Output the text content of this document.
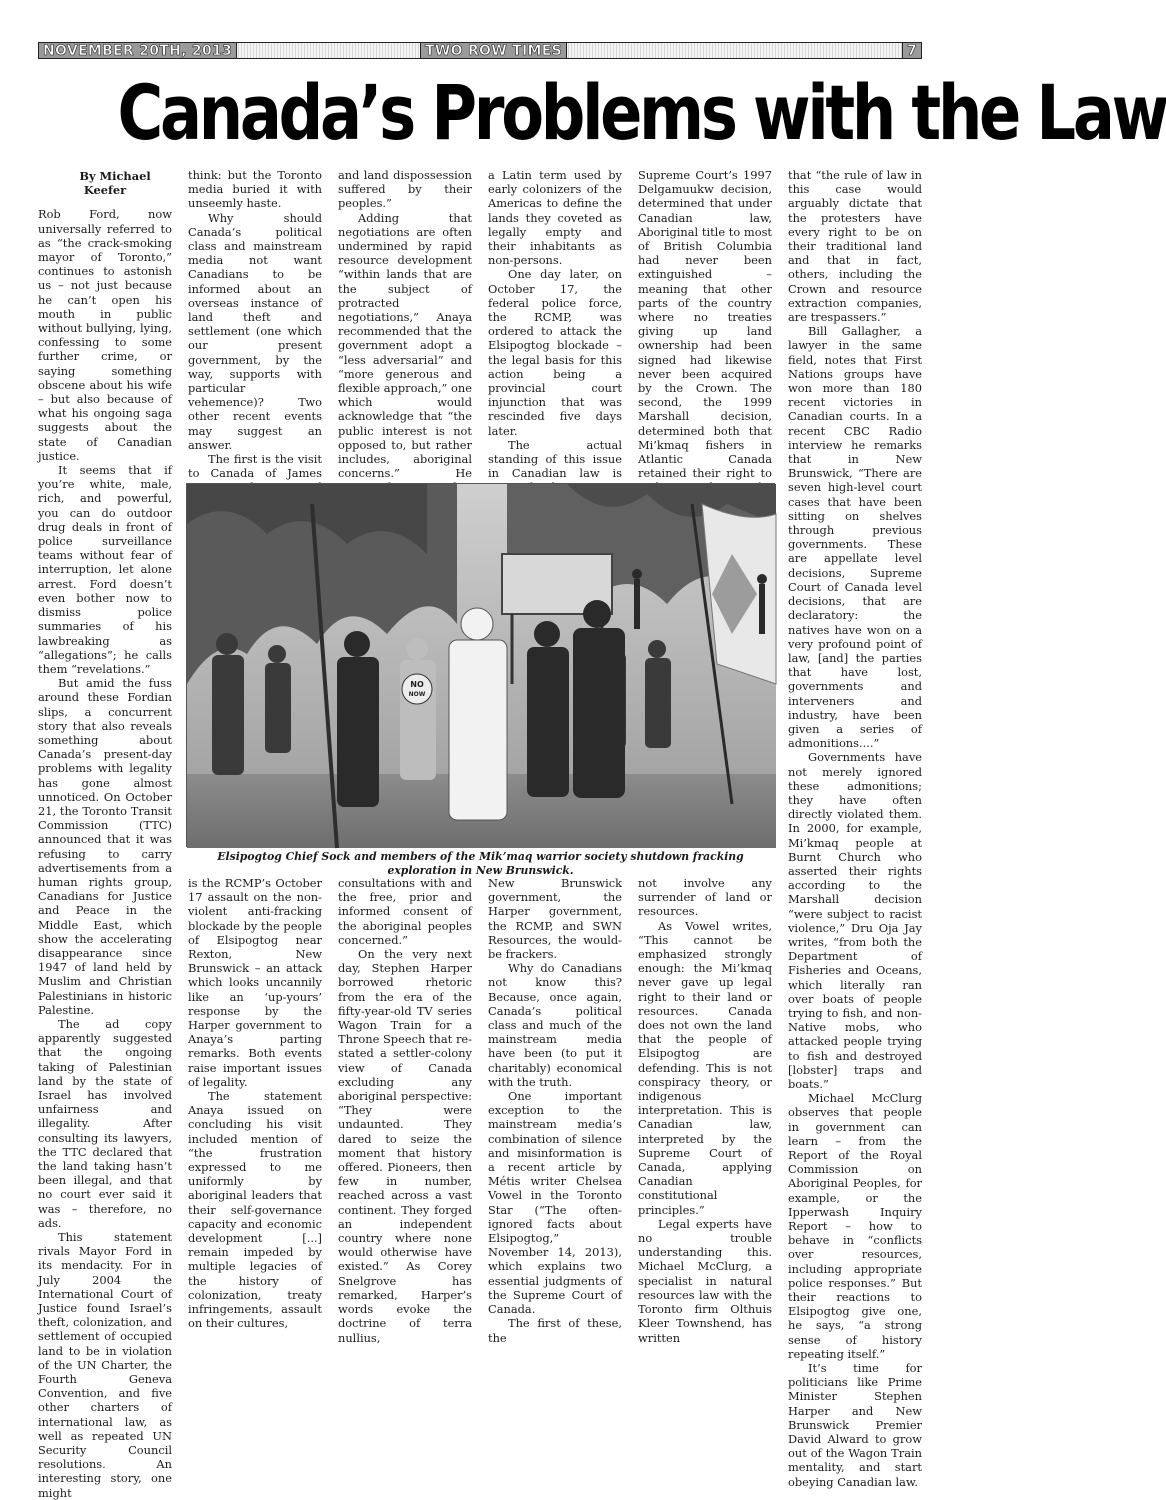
NOVEMBER 20TH, 2013	TWO ROW TIMES	7
Canada’s Problems with the Law

By Michael Keefer

Rob Ford, now universally referred to as “the crack-smoking mayor of Toronto,” continues to astonish us – not just because he can’t open his mouth in public without bullying, lying, confessing to some further crime, or saying something obscene about his wife – but also because of what his ongoing saga suggests about the state of Canadian justice.

It seems that if you’re white, male, rich, and powerful, you can do outdoor drug deals in front of police surveillance teams without fear of interruption, let alone arrest. Ford doesn’t even bother now to dismiss police summaries of his lawbreaking as “allegations”; he calls them “revelations.”

But amid the fuss around these Fordian slips, a concurrent story that also reveals something about Canada’s present-day problems with legality has gone almost unnoticed. On October 21, the Toronto Transit Commission (TTC) announced that it was refusing to carry advertisements from a human rights group, Canadians for Justice and Peace in the Middle East, which show the accelerating disappearance since 1947 of land held by Muslim and Christian Palestinians in historic Palestine.

The ad copy apparently suggested that the ongoing taking of Palestinian land by the state of Israel has involved unfairness and illegality. After consulting its lawyers, the TTC declared that the land taking hasn’t been illegal, and that no court ever said it was – therefore, no ads.

This statement rivals Mayor Ford in its mendacity. For in July 2004 the International Court of Justice found Israel’s theft, colonization, and settlement of occupied land to be in violation of the UN Charter, the Fourth Geneva Convention, and five other charters of international law, as well as repeated UN Security Council resolutions. An interesting story, one might

think: but the Toronto media buried it with unseemly haste.

Why should Canada’s political class and mainstream media not want Canadians to be informed about an overseas instance of land theft and settlement (one which our present government, by the way, supports with particular vehemence)? Two other recent events may suggest an answer.

The first is the visit to Canada of James

and land dispossession suffered by their peoples.”

Adding that negotiations are often undermined by rapid resource development “within lands that are the subject of protracted negotiations,” Anaya recommended that the government adopt a “less adversarial” and “more generous and flexible approach,” one which would acknowledge that “the public interest is not opposed to, but rather includes, aboriginal concerns.” He

a Latin term used by early colonizers of the Americas to define the lands they coveted as legally empty and their inhabitants as non-persons.

One day later, on October 17, the federal police force, the RCMP, was ordered to attack the Elsipogtog blockade – the legal basis for this action being a provincial court injunction that was rescinded five days later.

The actual standing of this issue in Canadian law is

Supreme Court’s 1997 Delgamuukw decision, determined that under Canadian law, Aboriginal title to most of British Columbia had never been extinguished – meaning that other parts of the country where no treaties giving up land ownership had been signed had likewise never been acquired by the Crown. The second, the 1999 Marshall decision, determined both that Mi’kmaq fishers in Atlantic Canada retained their right to

that “the rule of law in this case would arguably dictate that the protesters have every right to be on their traditional land and that in fact, others, including the Crown and resource extraction companies, are trespassers.”

Bill Gallagher, a lawyer in the same field, notes that First Nations groups have won more than 180 recent victories in Canadian courts. In a recent CBC Radio interview he remarks that in New Brunswick, “There are seven high-level court cases that have been sitting on shelves through previous governments. These are appellate level decisions, Supreme Court of Canada level decisions, that are declaratory: the natives have won on a very profound point of law, [and] the parties that have lost, governments and interveners and industry, have been given a series of admonitions....”

Governments have not merely ignored these admonitions; they have often directly violated them. In 2000, for example, Mi’kmaq people at Burnt Church who asserted their rights according to the Marshall decision “were subject to racist violence,” Dru Oja Jay writes, “from both the Department of Fisheries and Oceans, which literally ran over boats of people trying to fish, and non-Native mobs, who attacked people trying to fish and destroyed [lobster] traps and boats.”

Michael McClurg observes that people in government can learn – from the Report of the Royal Commission on Aboriginal Peoples, for example, or the Ipperwash Inquiry Report – how to behave in “conflicts over resources, including appropriate police responses.” But their reactions to Elsipogtog give one, he says, “a strong sense of history repeating itself.”

It’s time for politicians like Prime Minister Stephen Harper and New Brunswick Premier David Alward to grow out of the Wagon Train mentality, and start obeying Canadian law.

NO
NOW
Elsipogtog Chief Sock and members of the Mik’maq warrior society shutdown fracking exploration in New Brunswick.

is the RCMP’s October 17 assault on the non-violent anti-fracking blockade by the people of Elsipogtog near Rexton, New Brunswick – an attack which looks uncannily like an ‘up-yours’ response by the Harper government to Anaya’s parting remarks. Both events raise important issues of legality.

The statement Anaya issued on concluding his visit included mention of “the frustration expressed to me uniformly by aboriginal leaders that their self-governance capacity and economic development [...] remain impeded by multiple legacies of the history of colonization, treaty infringements, assault on their cultures,

consultations with and the free, prior and informed consent of the aboriginal peoples concerned.”

On the very next day, Stephen Harper borrowed rhetoric from the era of the fifty-year-old TV series Wagon Train for a Throne Speech that re-stated a settler-colony view of Canada excluding any aboriginal perspective: “They were undaunted. They dared to seize the moment that history offered. Pioneers, then few in number, reached across a vast continent. They forged an independent country where none would otherwise have existed.” As Corey Snelgrove has remarked, Harper’s words evoke the doctrine of terra nullius,

New Brunswick government, the Harper government, the RCMP, and SWN Resources, the would-be frackers.

Why do Canadians not know this? Because, once again, Canada’s political class and much of the mainstream media have been (to put it charitably) economical with the truth.

One important exception to the mainstream media’s combination of silence and misinformation is a recent article by Métis writer Chelsea Vowel in the Toronto Star (“The often-ignored facts about Elsipogtog,” November 14, 2013), which explains two essential judgments of the Supreme Court of Canada.

The first of these, the

not involve any surrender of land or resources.

As Vowel writes, “This cannot be emphasized strongly enough: the Mi’kmaq never gave up legal right to their land or resources. Canada does not own the land that the people of Elsipogtog are defending. This is not conspiracy theory, or indigenous interpretation. This is Canadian law, interpreted by the Supreme Court of Canada, applying Canadian constitutional principles.”

Legal experts have no trouble understanding this. Michael McClurg, a specialist in natural resources law with the Toronto firm Olthuis Kleer Townshend, has written
